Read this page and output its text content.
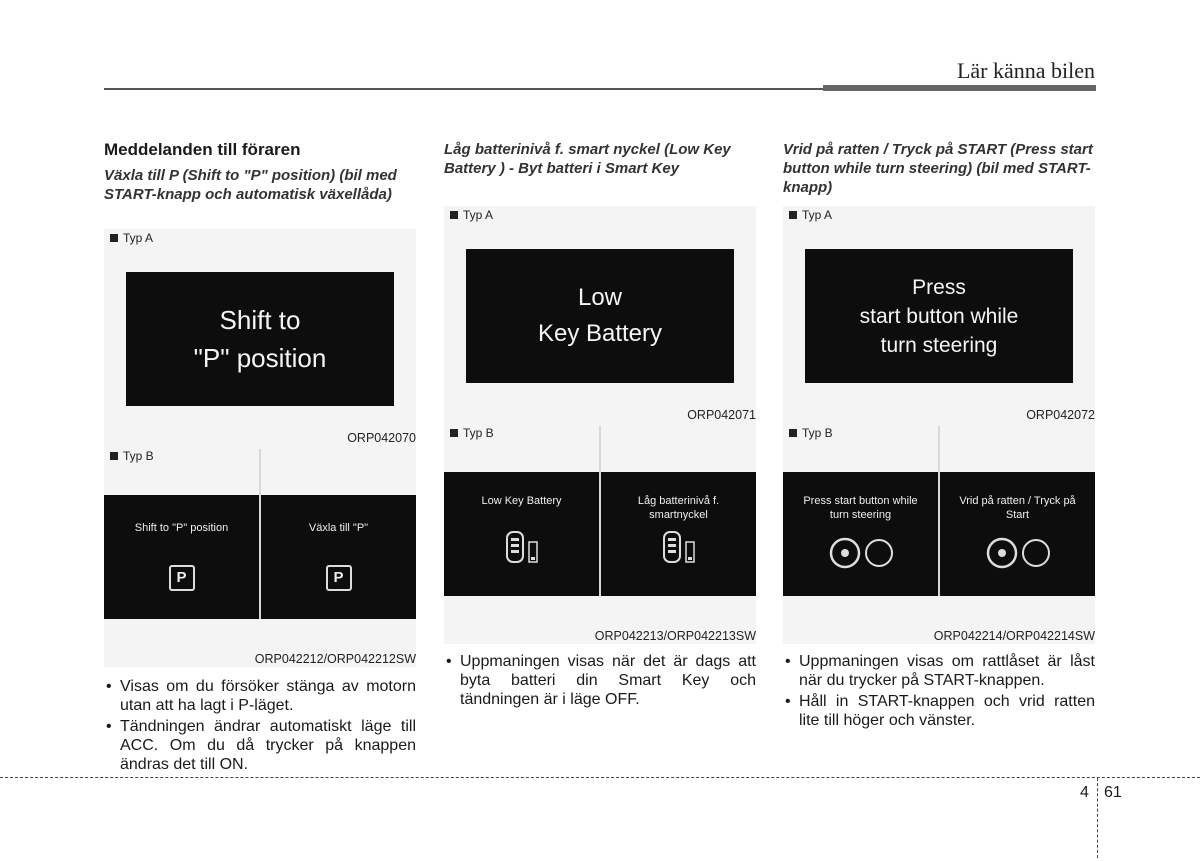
Lär känna bilen
Meddelanden till föraren
Växla till P (Shift to "P" position) (bil med START-knapp och automatisk växellåda)
Typ A
Shift to
"P" position
ORP042070
Typ B
Shift to "P" position
P
Växla till "P"
P
ORP042212/ORP042212SW
• Visas om du försöker stänga av motorn utan att ha lagt i P-läget.
• Tändningen ändrar automatiskt läge till ACC. Om du då trycker på knappen ändras det till ON.
Låg batterinivå f. smart nyckel (Low Key Battery ) - Byt batteri i Smart Key
Typ A
Low
Key Battery
ORP042071
Typ B
Low Key Battery	Låg batterinivå f. smartnyckel
ORP042213/ORP042213SW
• Uppmaningen visas när det är dags att byta batteri din Smart Key och tändningen är i läge OFF.
Vrid på ratten / Tryck på START (Press start button while turn steering) (bil med START-knapp)
Typ A
Press
start button while
turn steering
ORP042072
Typ B
Press start button while turn steering
Vrid på ratten / Tryck på Start
ORP042214/ORP042214SW
• Uppmaningen visas om rattlåset är låst när du trycker på START-knappen.
• Håll in START-knappen och vrid ratten lite till höger och vänster.
4 61
